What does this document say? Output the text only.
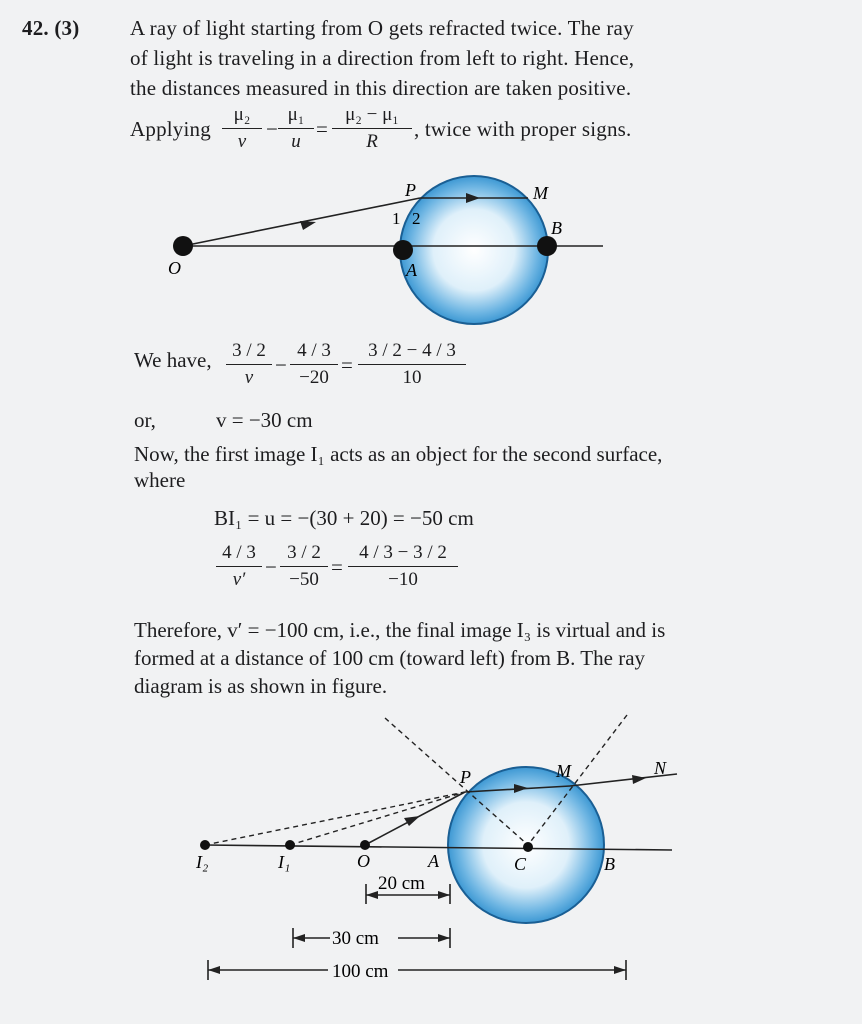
42. (3) A ray of light starting from O gets refracted twice. The ray
of light is traveling in a direction from left to right. Hence,
the distances measured in this direction are taken positive.
Applying
μ₂
v
−
μ₁
u
=
μ₂ − μ₁
R
, twice with proper signs.
P	M
1 2	B
O	A
We have,	3 / 2
v
−
4 / 3
−20
=
3 / 2 − 4 / 3
10
or,	v = −30 cm
Now, the first image I₁ acts as an object for the second surface,
where
BI₁ = u = −(30 + 20) = −50 cm
4 / 3
v′
−
3 / 2
−50
=
4 / 3 − 3 / 2
−10
Therefore, v′ = −100 cm, i.e., the final image I₃ is virtual and is
formed at a distance of 100 cm (toward left) from B. The ray
diagram is as shown in figure.
P	M	N
I₂	I₁	O	A	C	B
20 cm
30 cm
100 cm
